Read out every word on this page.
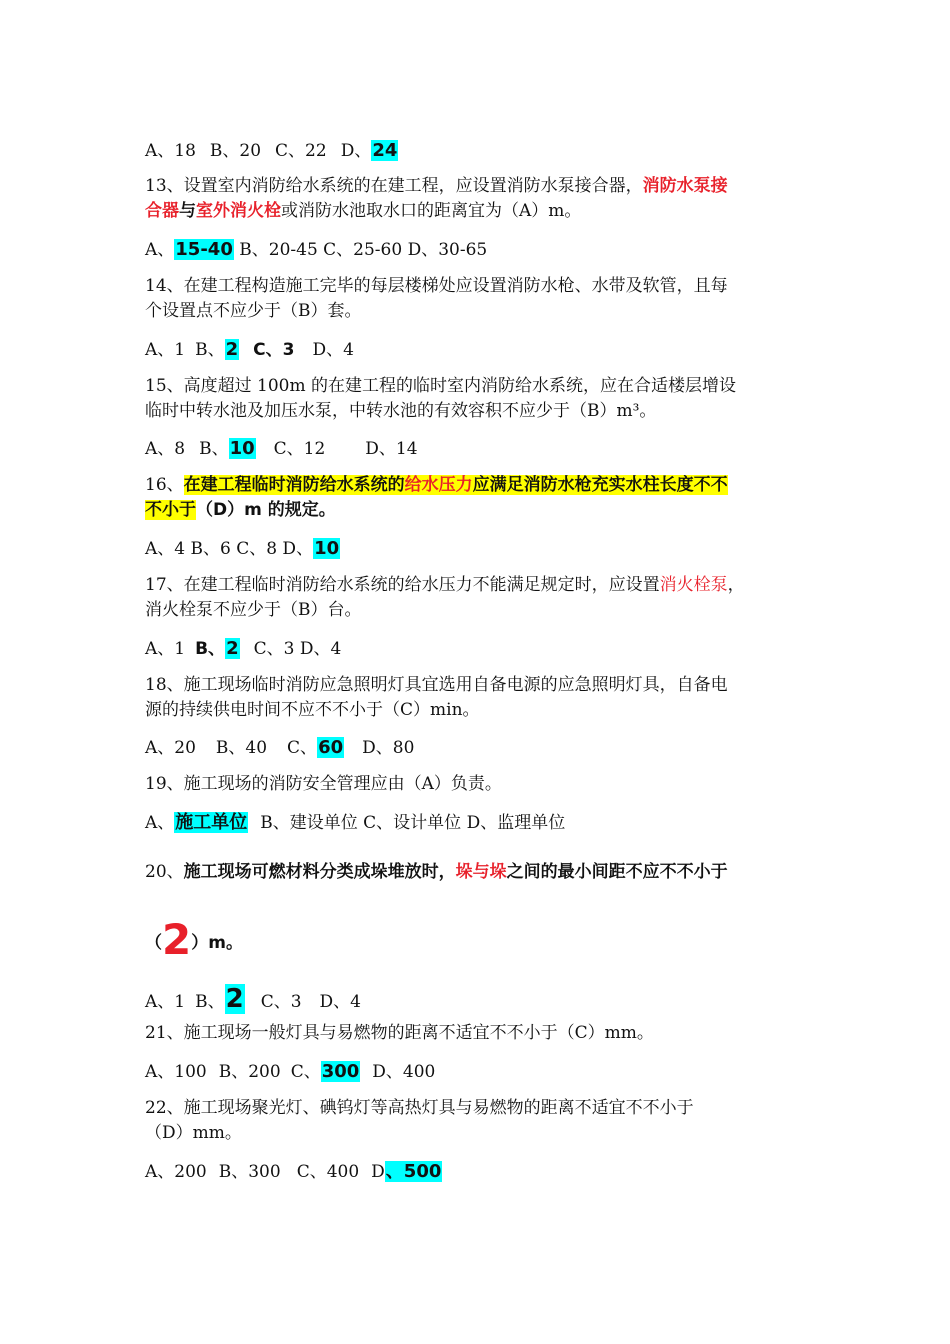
A、18 B、20 C、22 D、24
13、设置室内消防给水系统的在建工程，应设置消防水泵接合器，消防水泵接
合器与室外消火栓或消防水池取水口的距离宜为（A）m。
A、15-40 B、20-45 C、25-60 D、30-65
14、在建工程构造施工完毕的每层楼梯处应设置消防水枪、水带及软管，且每
个设置点不应少于（B）套。
A、1 B、2 C、3 D、4
15、高度超过 100m 的在建工程的临时室内消防给水系统，应在合适楼层增设
临时中转水池及加压水泵，中转水池的有效容积不应少于（B）m³。
A、8 B、10 C、12 D、14
16、在建工程临时消防给水系统的给水压力应满足消防水枪充实水柱长度不不
不小于（D）m 的规定。
A、4 B、6 C、8 D、10
17、在建工程临时消防给水系统的给水压力不能满足规定时，应设置消火栓泵，
消火栓泵不应少于（B）台。
A、1 B、2 C、3 D、4
18、施工现场临时消防应急照明灯具宜选用自备电源的应急照明灯具，自备电
源的持续供电时间不应不不小于（C）min。
A、20 B、40 C、60 D、80
19、施工现场的消防安全管理应由（A）负责。
A、施工单位 B、建设单位 C、设计单位 D、监理单位
20、施工现场可燃材料分类成垛堆放时，垛与垛之间的最小间距不应不不小于
（2）m。
A、1 B、2 C、3 D、4
21、施工现场一般灯具与易燃物的距离不适宜不不小于（C）mm。
A、100 B、200 C、300 D、400
22、施工现场聚光灯、碘钨灯等高热灯具与易燃物的距离不适宜不不小于
（D）mm。
A、200 B、300 C、400 D、500
